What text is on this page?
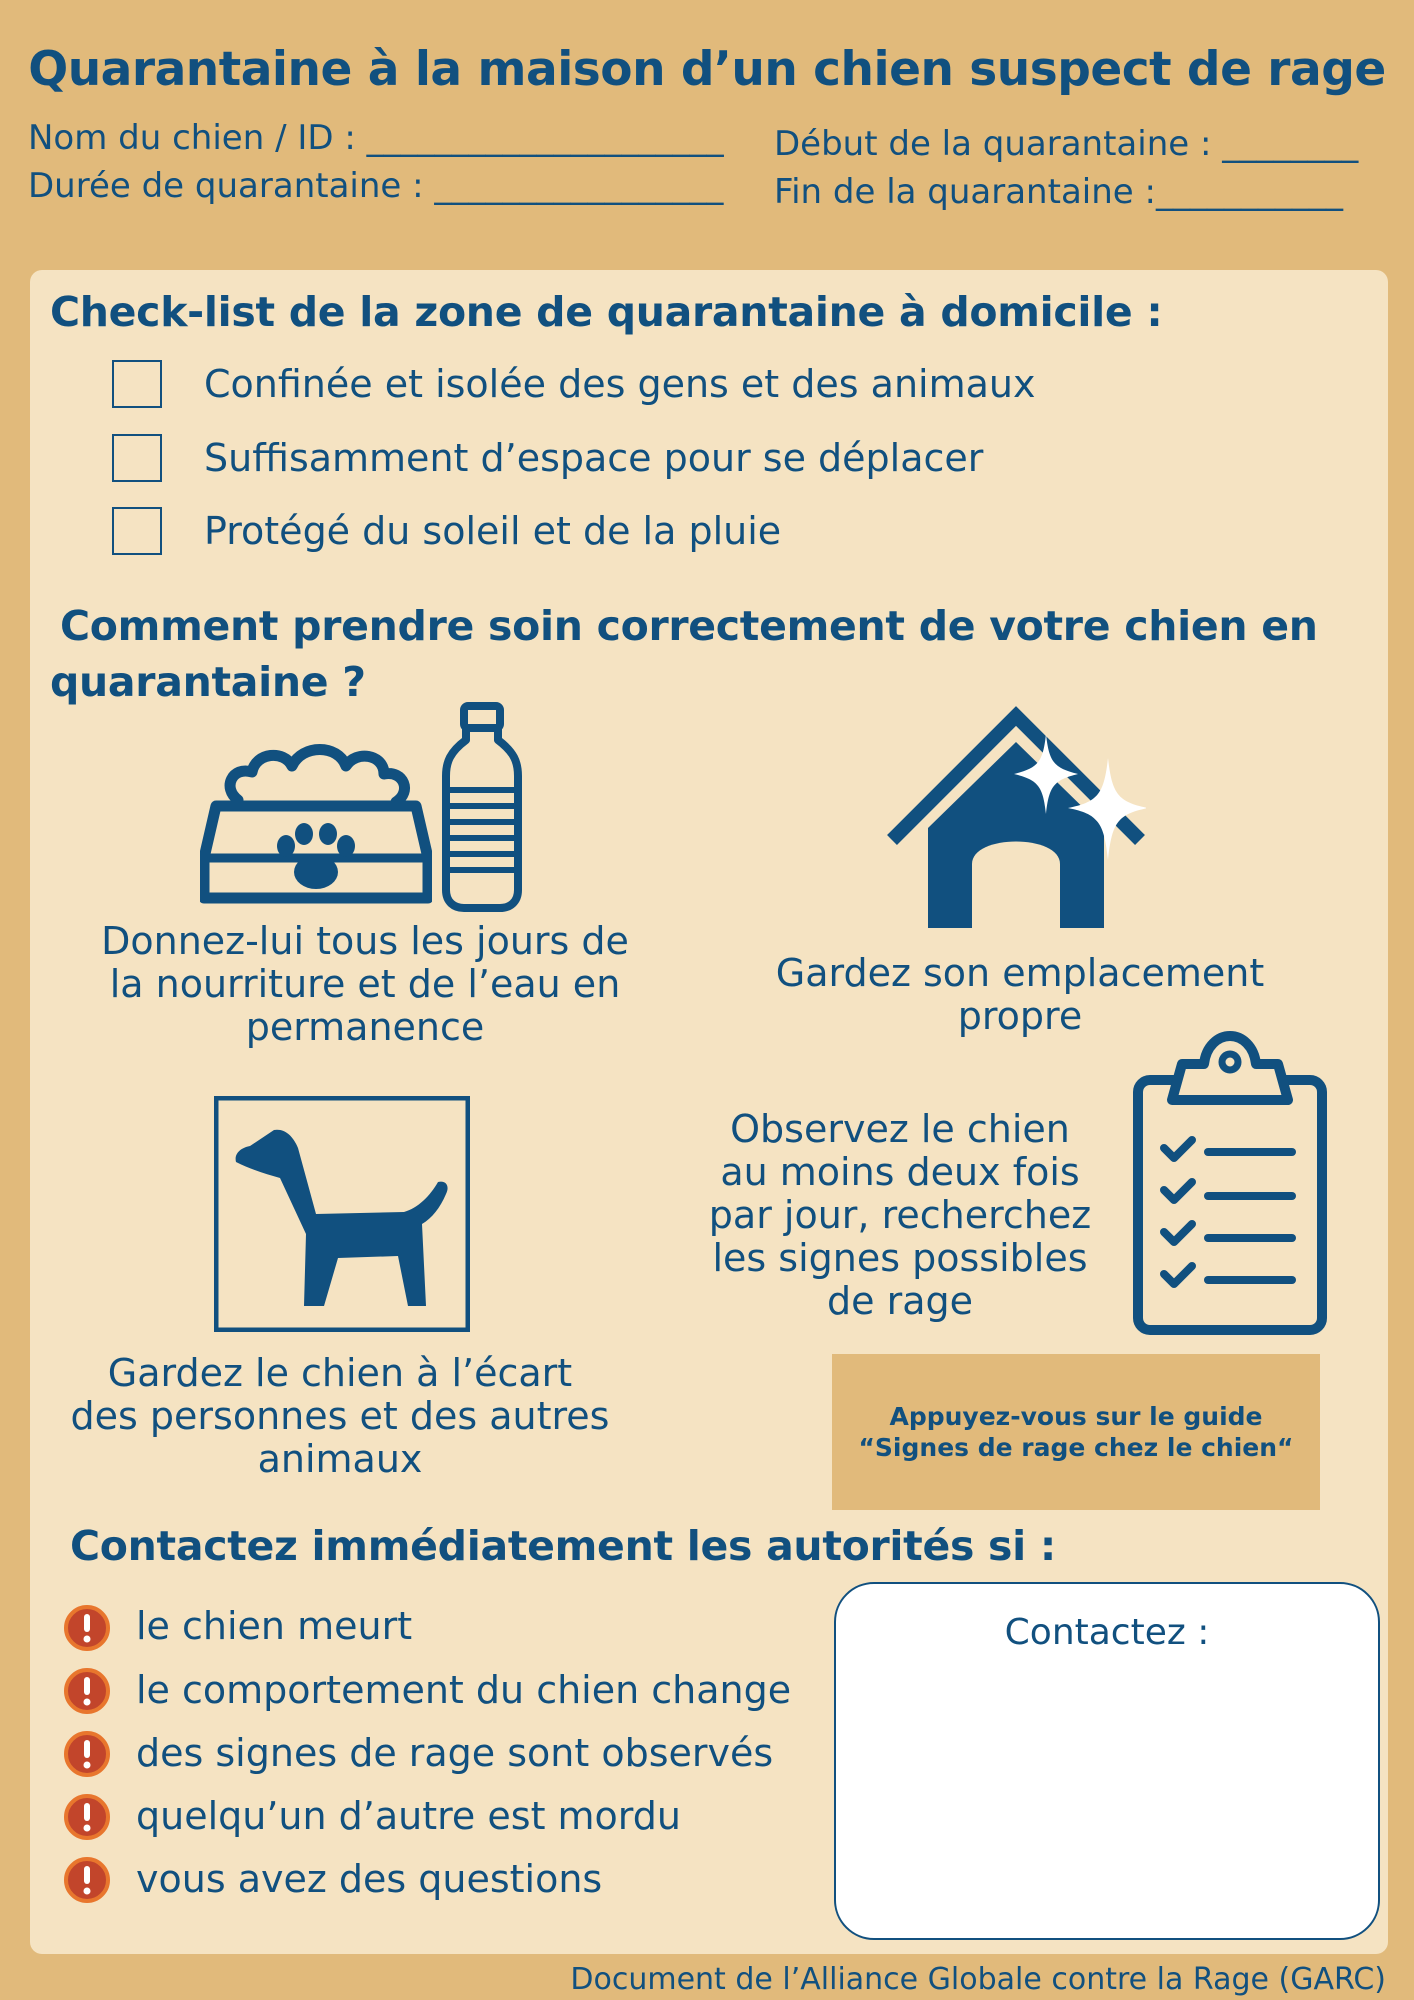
Quarantaine à la maison d’un chien suspect de rage
Nom du chien / ID : _____________________ Début de la quarantaine : ________
Durée de quarantaine : _________________ Fin de la quarantaine :___________
Check-list de la zone de quarantaine à domicile :
Confinée et isolée des gens et des animaux
Suffisamment d’espace pour se déplacer
Protégé du soleil et de la pluie
Comment prendre soin correctement de votre chien en
quarantaine ?
Donnez-lui tous les jours de
la nourriture et de l’eau en
permanence
Gardez son emplacement
propre
Gardez le chien à l’écart
des personnes et des autres
animaux
Observez le chien
au moins deux fois
par jour, recherchez
les signes possibles
de rage
Appuyez-vous sur le guide “Signes de rage chez le chien“
Contactez immédiatement les autorités si :
le chien meurt
le comportement du chien change
des signes de rage sont observés
quelqu’un d’autre est mordu
vous avez des questions
Contactez :
Document de l’Alliance Globale contre la Rage (GARC)
